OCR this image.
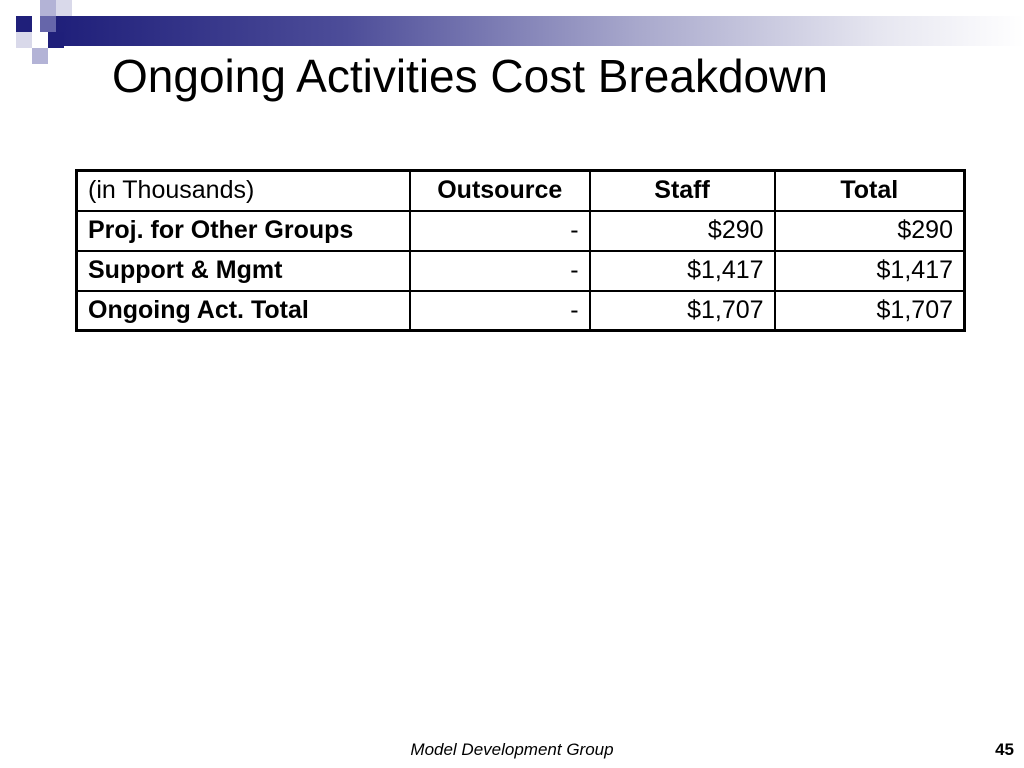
Ongoing Activities Cost Breakdown
(in Thousands)	Outsource	Staff	Total
Proj. for Other Groups	-	$290	$290
Support & Mgmt	-	$1,417	$1,417
Ongoing Act. Total	-	$1,707	$1,707
Model Development Group	45
